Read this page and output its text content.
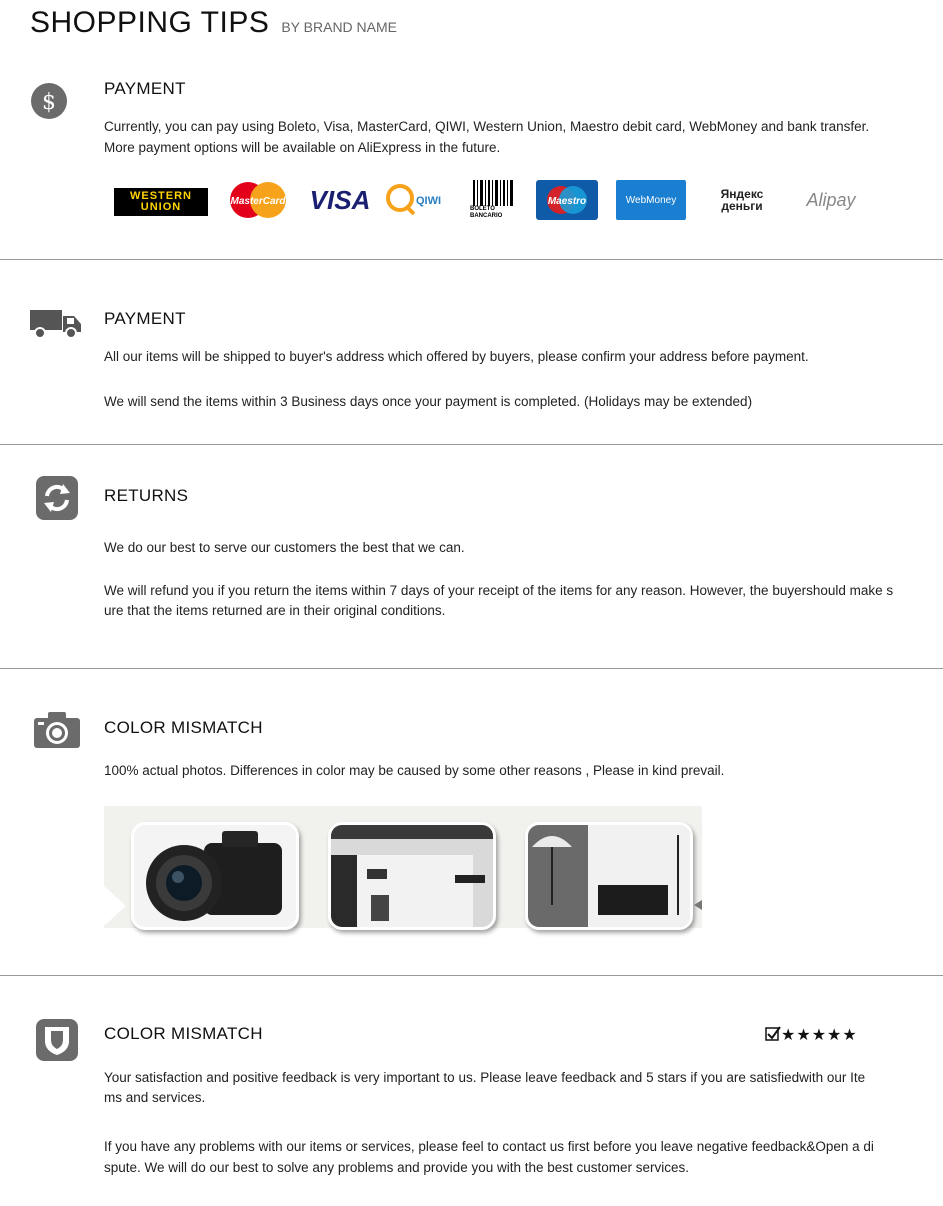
SHOPPING TIPS BY BRAND NAME
$
PAYMENT
Currently, you can pay using Boleto, Visa, MasterCard, QIWI, Western Union, Maestro debit card, WebMoney and bank transfer.
More payment options will be available on AliExpress in the future.
WESTERN UNION	MasterCard VISA	QIWI
BOLETO BANCARIO
Maestro	WebMoney	Яндекс деньги	Alipay
PAYMENT
All our items will be shipped to buyer's address which offered by buyers, please confirm your address before payment.
We will send the items within 3 Business days once your payment is completed. (Holidays may be extended)
RETURNS
We do our best to serve our customers the best that we can.
We will refund you if you return the items within 7 days of your receipt of the items for any reason. However, the buyershould make s
ure that the items returned are in their original conditions.
COLOR MISMATCH
100% actual photos. Differences in color may be caused by some other reasons , Please in kind prevail.
COLOR MISMATCH	★★★★★
Your satisfaction and positive feedback is very important to us. Please leave feedback and 5 stars if you are satisfiedwith our Ite
ms and services.
If you have any problems with our items or services, please feel to contact us first before you leave negative feedback&Open a di
spute. We will do our best to solve any problems and provide you with the best customer services.
